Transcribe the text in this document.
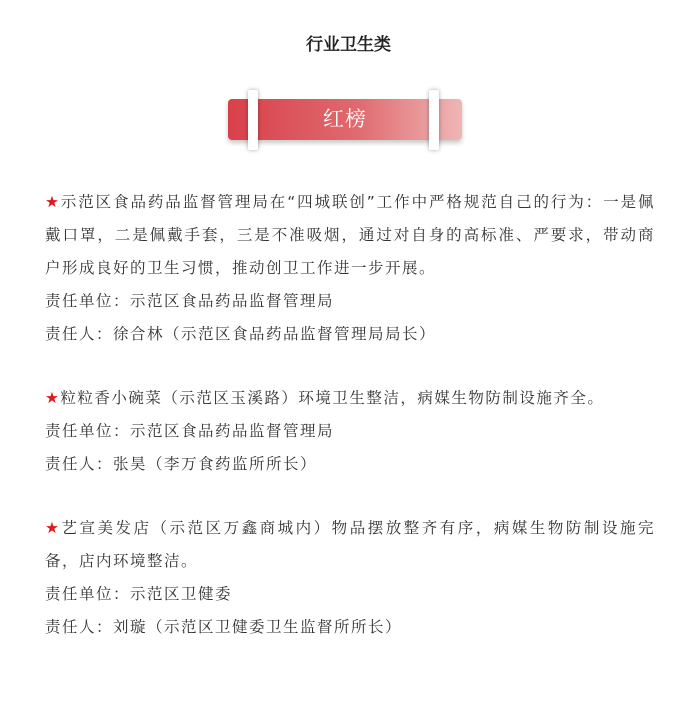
行业卫生类
红榜
★示范区食品药品监督管理局在“四城联创”工作中严格规范自己的行为：一是佩戴口罩，二是佩戴手套，三是不准吸烟，通过对自身的高标准、严要求，带动商户形成良好的卫生习惯，推动创卫工作进一步开展。
责任单位：示范区食品药品监督管理局
责任人：徐合林（示范区食品药品监督管理局局长）
★粒粒香小碗菜（示范区玉溪路）环境卫生整洁，病媒生物防制设施齐全。
责任单位：示范区食品药品监督管理局
责任人：张昊（李万食药监所所长）
★艺宣美发店（示范区万鑫商城内）物品摆放整齐有序，病媒生物防制设施完备，店内环境整洁。
责任单位：示范区卫健委
责任人：刘璇（示范区卫健委卫生监督所所长）
